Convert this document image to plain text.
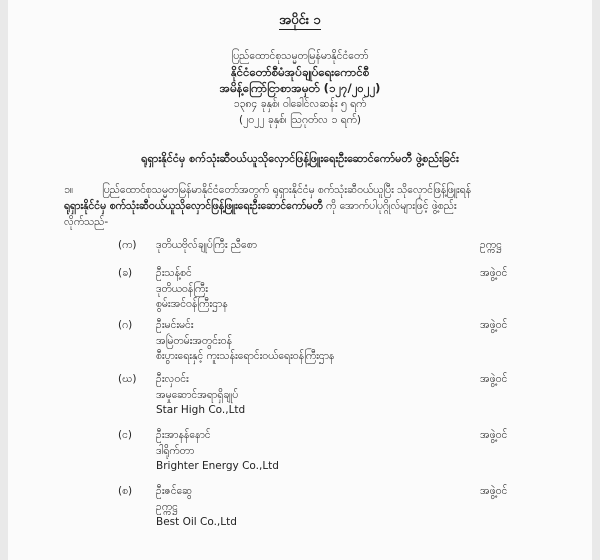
အပိုင်း ၁
ပြည်ထောင်စုသမ္မတမြန်မာနိုင်ငံတော်
နိုင်ငံတော်စီမံအုပ်ချုပ်ရေးကောင်စီ
အမိန့်ကြော်ငြာစာအမှတ် (၁၂၇/၂၀၂၂)
၁၃၈၄ ခုနှစ်၊ ဝါခေါင်လဆန်း ၅ ရက်
(၂၀၂၂ ခုနှစ်၊ ဩဂုတ်လ ၁ ရက်)
ရုရှားနိုင်ငံမှ စက်သုံးဆီဝယ်ယူသိုလှောင်ဖြန့်ဖြူးရေးဦးဆောင်ကော်မတီ ဖွဲ့စည်းခြင်း
၁။	ပြည်ထောင်စုသမ္မတမြန်မာနိုင်ငံတော်အတွက် ရုရှားနိုင်ငံမှ စက်သုံးဆီဝယ်ယူပြီး သိုလှောင်ဖြန့်ဖြူးရန်
ရုရှားနိုင်ငံမှ စက်သုံးဆီဝယ်ယူသိုလှောင်ဖြန့်ဖြူးရေးဦးဆောင်ကော်မတီ ကို အောက်ပါပုဂ္ဂိုလ်များဖြင့် ဖွဲ့စည်း
လိုက်သည်-
(က) ဒုတိယဗိုလ်ချုပ်ကြီး ညီစော	ဥက္ကဋ္ဌ
(ခ) ဦးသန့်စင်	အဖွဲ့ဝင်
ဒုတိယဝန်ကြီး
စွမ်းအင်ဝန်ကြီးဌာန
(ဂ) ဦးမင်းမင်း	အဖွဲ့ဝင်
အမြဲတမ်းအတွင်းဝန်
စီးပွားရေးနှင့် ကူးသန်းရောင်းဝယ်ရေးဝန်ကြီးဌာန
(ဃ) ဦးလှဝင်း	အဖွဲ့ဝင်
အမှုဆောင်အရာရှိချုပ်
Star High Co.,Ltd
(င) ဦးအာနန်နောင်	အဖွဲ့ဝင်
ဒါရိုက်တာ
Brighter Energy Co.,Ltd
(စ) ဦးဇင်ဆွေ	အဖွဲ့ဝင်
ဥက္ကဋ္ဌ
Best Oil Co.,Ltd
